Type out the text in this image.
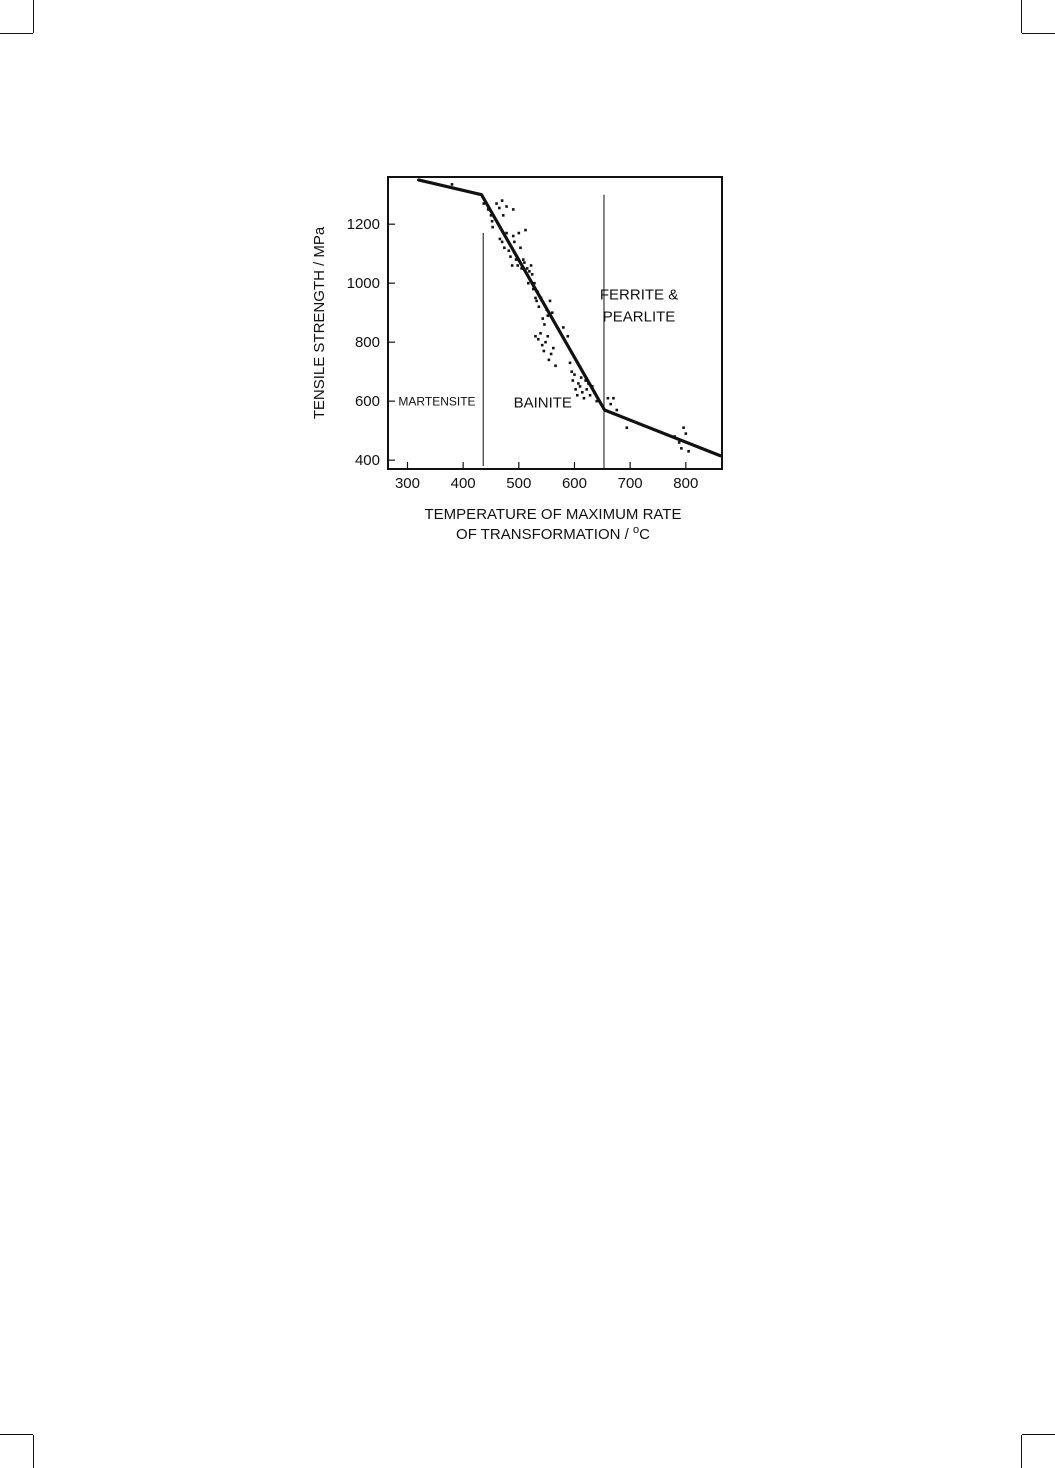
MARTENSITE	BAINITE
FERRITE &
PEARLITE
300 400 500 600 700 800
400
600
800
1000
1200
TEMPERATURE OF MAXIMUM RATE
OF TRANSFORMATION / $^o$C
TENSILE STRENGTH / MPa
